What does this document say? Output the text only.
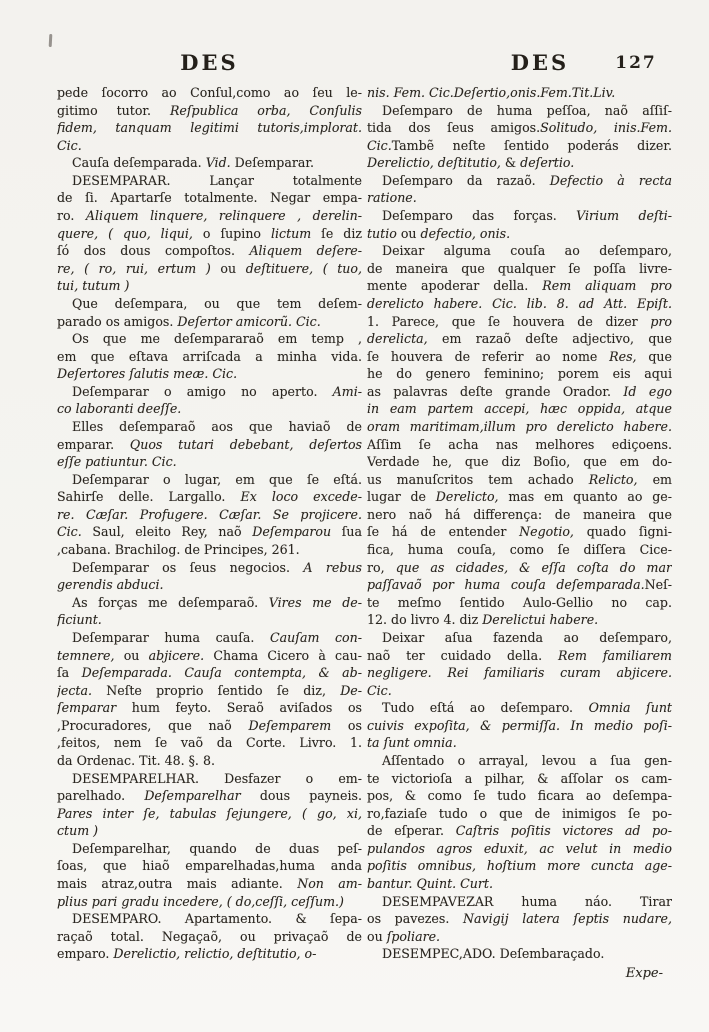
DES	DES	127
pede ſocorro ao Conſul,como ao ſeu le-
gitimo tutor. Reſpublica orba, Conſulis
fidem, tanquam legitimi tutoris,implorat.
Cic.
Cauſa deſemparada. Vid. Deſemparar.
DESEMPARAR. Lançar totalmente
de ſi. Apartarſe totalmente. Negar empa-
ro. Aliquem linquere, relinquere , derelin-
quere, ( quo, liqui, o ſupino lictum ſe diz
ſó dos dous compoſtos. Aliquem deſere-
re, ( ro, rui, ertum ) ou deſtituere, ( tuo,
tui, tutum )
Que deſempara, ou que tem deſem-
parado os amigos. Deſertor amicorũ. Cic.
Os que me deſempararaõ em temp ,
em que eſtava arriſcada a minha vida.
Deſertores ſalutis meæ. Cic.
Deſemparar o amigo no aperto. Ami-
co laboranti deeſſe.
Elles deſemparaõ aos que haviaõ de
emparar. Quos tutari debebant, deſertos
eſſe patiuntur. Cic.
Deſemparar o lugar, em que ſe eſtá.
Sahirſe delle. Largallo. Ex loco excede-
re. Cæſar. Profugere. Cæſar. Se projicere.
Cic. Saul, eleito Rey, naõ Deſemparou ſua
,cabana. Brachilog. de Principes, 261.
Deſemparar os ſeus negocios. A rebus
gerendis abduci.
As forças me deſemparaõ. Vires me de-
ficiunt.
Deſemparar huma cauſa. Cauſam con-
temnere, ou abjicere. Chama Cicero à cau-
ſa Deſemparada. Cauſa contempta, & ab-
jecta. Neſte proprio ſentido ſe diz, De-
ſemparar hum feyto. Seraõ aviſados os
,Procuradores, que naõ Deſemparem os
,feitos, nem ſe vaõ da Corte. Livro. 1.
da Ordenac. Tit. 48. §. 8.
DESEMPARELHAR. Desfazer o em-
parelhado. Deſemparelhar dous payneis.
Pares inter ſe, tabulas ſejungere, ( go, xi,
ctum )
Deſemparelhar, quando de duas peſ-
ſoas, que hiaõ emparelhadas,huma anda
mais atraz,outra mais adiante. Non am-
plius pari gradu incedere, ( do,ceſſi, ceſſum.)
DESEMPARO. Apartamento. & ſepa-
raçaõ total. Negaçaõ, ou privaçaõ de
emparo. Derelictio, relictio, deſtitutio, o-
nis. Fem. Cic.Deſertio,onis.Fem.Tit.Liv.
Deſemparo de huma peſſoa, naõ aſſiſ-
tida dos ſeus amigos.Solitudo, inis.Fem.
Cic.Tambẽ neſte ſentido poderás dizer.
Derelictio, deſtitutio, & deſertio.
Deſemparo da razaõ. Defectio à recta
ratione.
Deſemparo das forças. Virium deſti-
tutio ou defectio, onis.
Deixar alguma couſa ao deſemparo,
de maneira que qualquer ſe poſſa livre-
mente apoderar della. Rem aliquam pro
derelicto habere. Cic. lib. 8. ad Att. Epiſt.
1. Parece, que ſe houvera de dizer pro
derelicta, em razaõ deſte adjectivo, que
ſe houvera de referir ao nome Res, que
he do genero feminino; porem eis aqui
as palavras deſte grande Orador. Id ego
in eam partem accepi, hæc oppida, atque
oram maritimam,illum pro derelicto habere.
Aſſim ſe acha nas melhores ediçoens.
Verdade he, que diz Boſio, que em do-
us manuſcritos tem achado Relicto, em
lugar de Derelicto, mas em quanto ao ge-
nero naõ há differença: de maneira que
ſe há de entender Negotio, quado ſigni-
fica, huma couſa, como ſe diſſera Cice-
ro, que as cidades, & eſſa coſta do mar
paſſavaõ por huma couſa deſemparada.Neſ-
te meſmo ſentido Aulo-Gellio no cap.
12. do livro 4. diz Derelictui habere.
Deixar aſua fazenda ao deſemparo,
naõ ter cuidado della. Rem familiarem
negligere. Rei familiaris curam abjicere.
Cic.
Tudo eſtá ao deſemparo. Omnia ſunt
cuivis expoſita, & permiſſa. In medio poſi-
ta ſunt omnia.
Aſſentado o arrayal, levou a ſua gen-
te victorioſa a pilhar, & aſſolar os cam-
pos, & como ſe tudo ficara ao deſempa-
ro,faziaſe tudo o que de inimigos ſe po-
de eſperar. Caſtris poſitis victores ad po-
pulandos agros eduxit, ac velut in medio
poſitis omnibus, hoſtium more cuncta age-
bantur. Quint. Curt.
DESEMPAVEZAR huma náo. Tirar
os pavezes. Navigij latera ſeptis nudare,
ou ſpoliare.
DESEMPEC,ADO. Deſembaraçado.
Expe-
